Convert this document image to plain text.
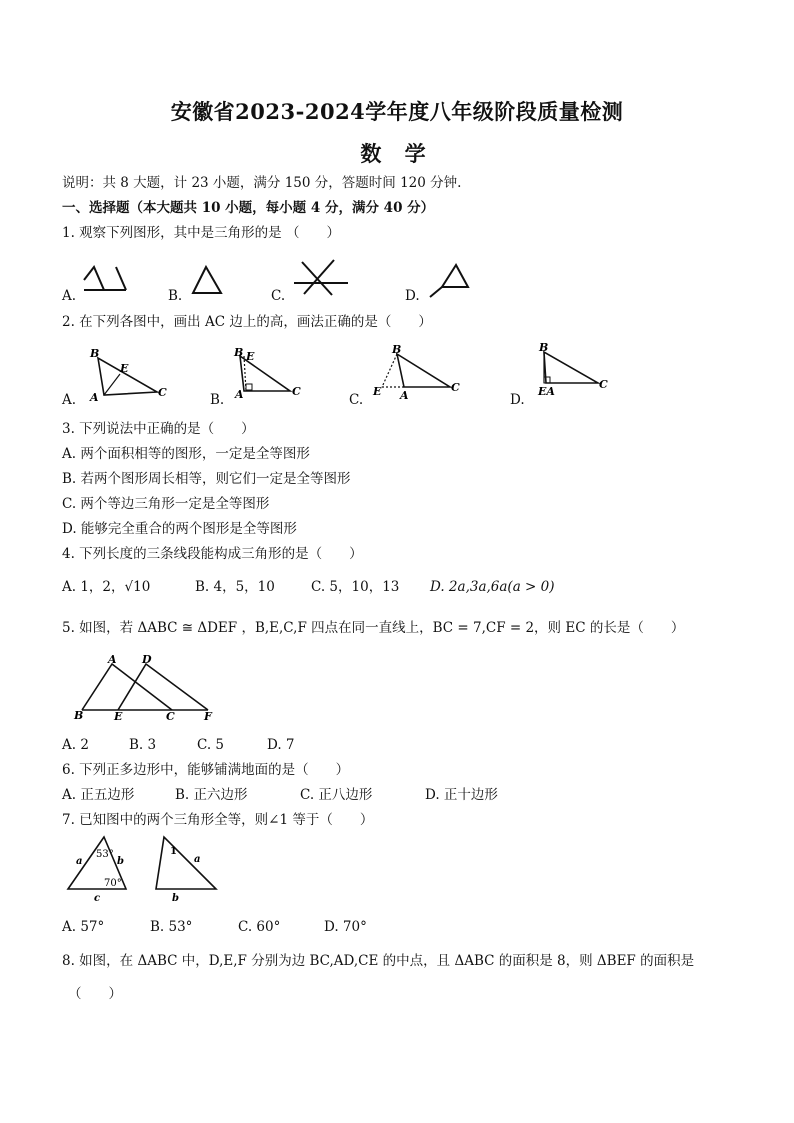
安徽省2023-2024学年度八年级阶段质量检测
数 学
说明：共 8 大题，计 23 小题，满分 150 分，答题时间 120 分钟.
一、选择题（本大题共 10 小题，每小题 4 分，满分 40 分）
1. 观察下列图形，其中是三角形的是 （　　）
A.	B.	C.	D.
2. 在下列各图中，画出 AC 边上的高，画法正确的是（　　）
B
E
A	C
B E
A	C
B
E A
C
B
EA
C
A.	B.	C.	D.
3. 下列说法中正确的是（　　）
A. 两个面积相等的图形，一定是全等图形
B. 若两个图形周长相等，则它们一定是全等图形
C. 两个等边三角形一定是全等图形
D. 能够完全重合的两个图形是全等图形
4. 下列长度的三条线段能构成三角形的是（　　）
A. 1，2，√10	B. 4，5，10	C. 5，10，13 D. 2a,3a,6a(a > 0)
5. 如图，若 ΔABC ≅ ΔDEF ，B,E,C,F 四点在同一直线上，BC = 7,CF = 2，则 EC 的长是（　　）
A D
B	E	C	F
A. 2	B. 3	C. 5	D. 7
6. 下列正多边形中，能够铺满地面的是（　　）
A. 正五边形	B. 正六边形	C. 正八边形	D. 正十边形
7. 已知图中的两个三角形全等，则∠1 等于（　　）
a
53°
b
70°
c
1
a
b
A. 57°	B. 53°	C. 60°	D. 70°
8. 如图，在 ΔABC 中，D,E,F 分别为边 BC,AD,CE 的中点，且 ΔABC 的面积是 8，则 ΔBEF 的面积是
（　　）
